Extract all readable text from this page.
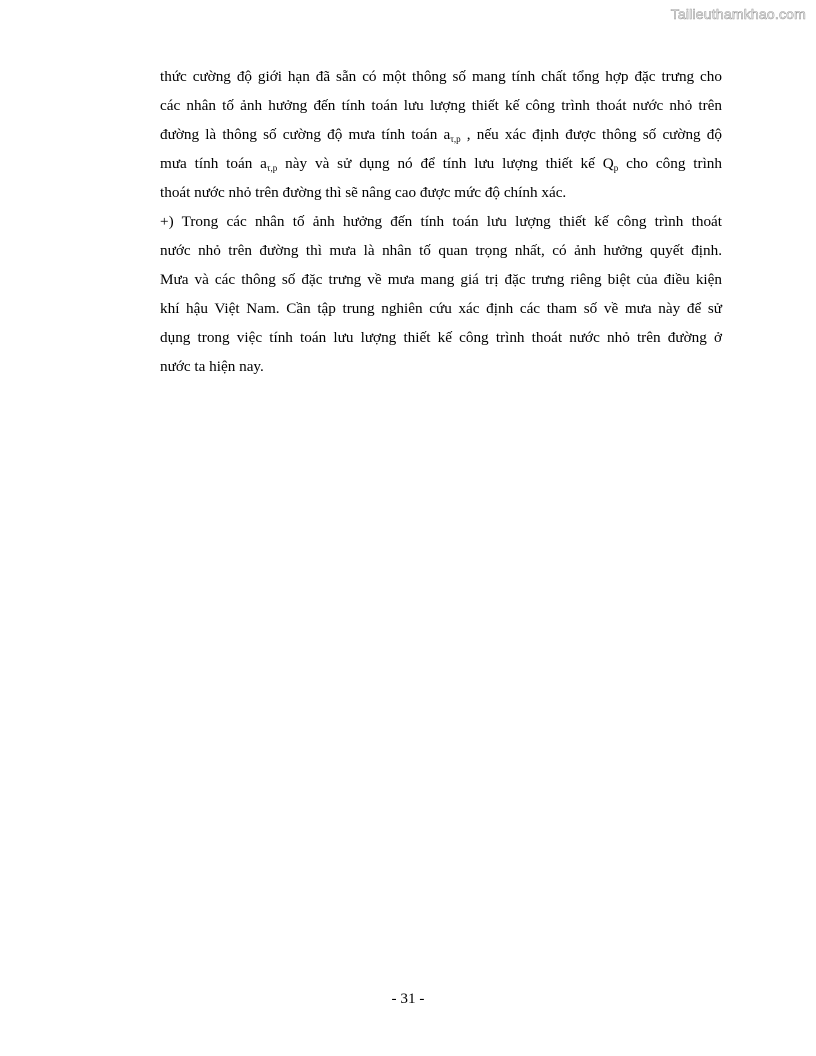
Tailieuthamkhao.com
thức cường độ giới hạn đã sẵn có một thông số mang tính chất tổng hợp đặc trưng cho
các nhân tố ảnh hưởng đến tính toán lưu lượng thiết kế công trình thoát nước nhỏ trên
đường là thông số cường độ mưa tính toán $a_{\tau,p}$ , nếu xác định được thông số cường độ
mưa tính toán $a_{\tau,p}$ này và sử dụng nó để tính lưu lượng thiết kế $Q_p$ cho công trình
thoát nước nhỏ trên đường thì sẽ nâng cao được mức độ chính xác.
+) Trong các nhân tố ảnh hưởng đến tính toán lưu lượng thiết kế công trình thoát
nước nhỏ trên đường thì mưa là nhân tố quan trọng nhất, có ảnh hưởng quyết định.
Mưa và các thông số đặc trưng về mưa mang giá trị đặc trưng riêng biệt của điều kiện
khí hậu Việt Nam. Cần tập trung nghiên cứu xác định các tham số về mưa này để sử
dụng trong việc tính toán lưu lượng thiết kế công trình thoát nước nhỏ trên đường ở
nước ta hiện nay.
- 31 -
